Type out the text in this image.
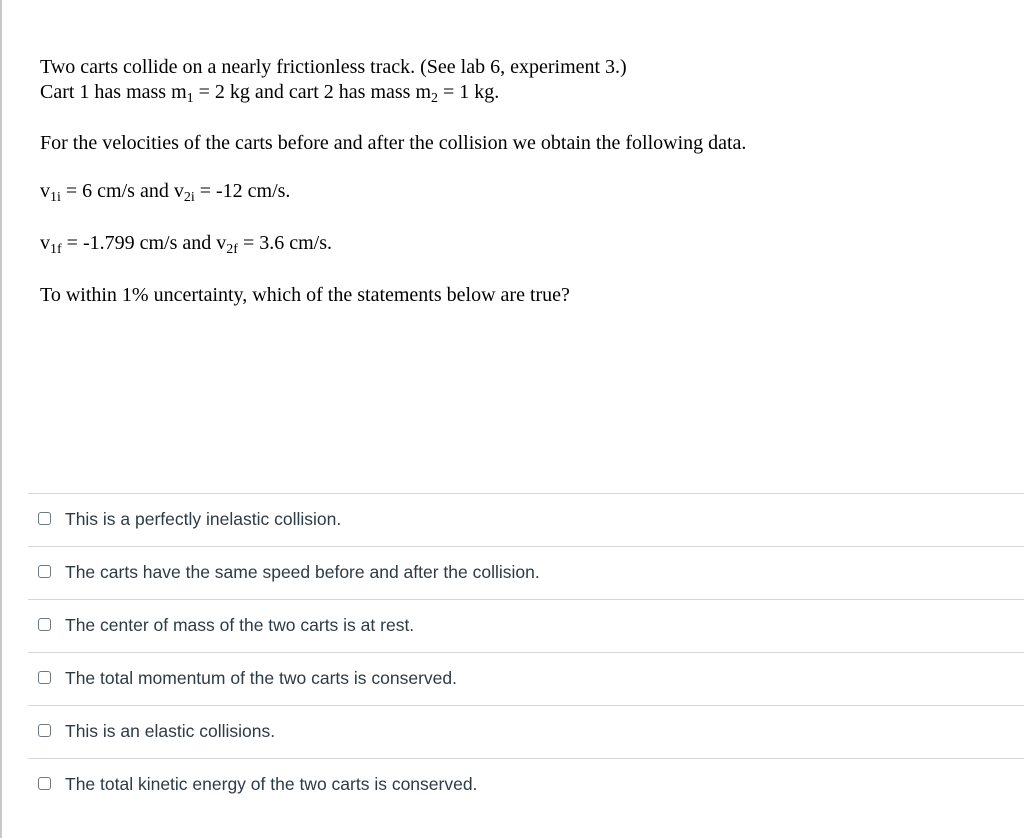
Two carts collide on a nearly frictionless track. (See lab 6, experiment 3.)
Cart 1 has mass $m_1 = 2$ kg and cart 2 has mass $m_2 = 1$ kg.
For the velocities of the carts before and after the collision we obtain the following data.
$v_{1i} = 6$ cm/s and $v_{2i} = -12$ cm/s.
$v_{1f} = -1.799$ cm/s and $v_{2f} = 3.6$ cm/s.
To within 1% uncertainty, which of the statements below are true?
This is a perfectly inelastic collision.
The carts have the same speed before and after the collision.
The center of mass of the two carts is at rest.
The total momentum of the two carts is conserved.
This is an elastic collisions.
The total kinetic energy of the two carts is conserved.
